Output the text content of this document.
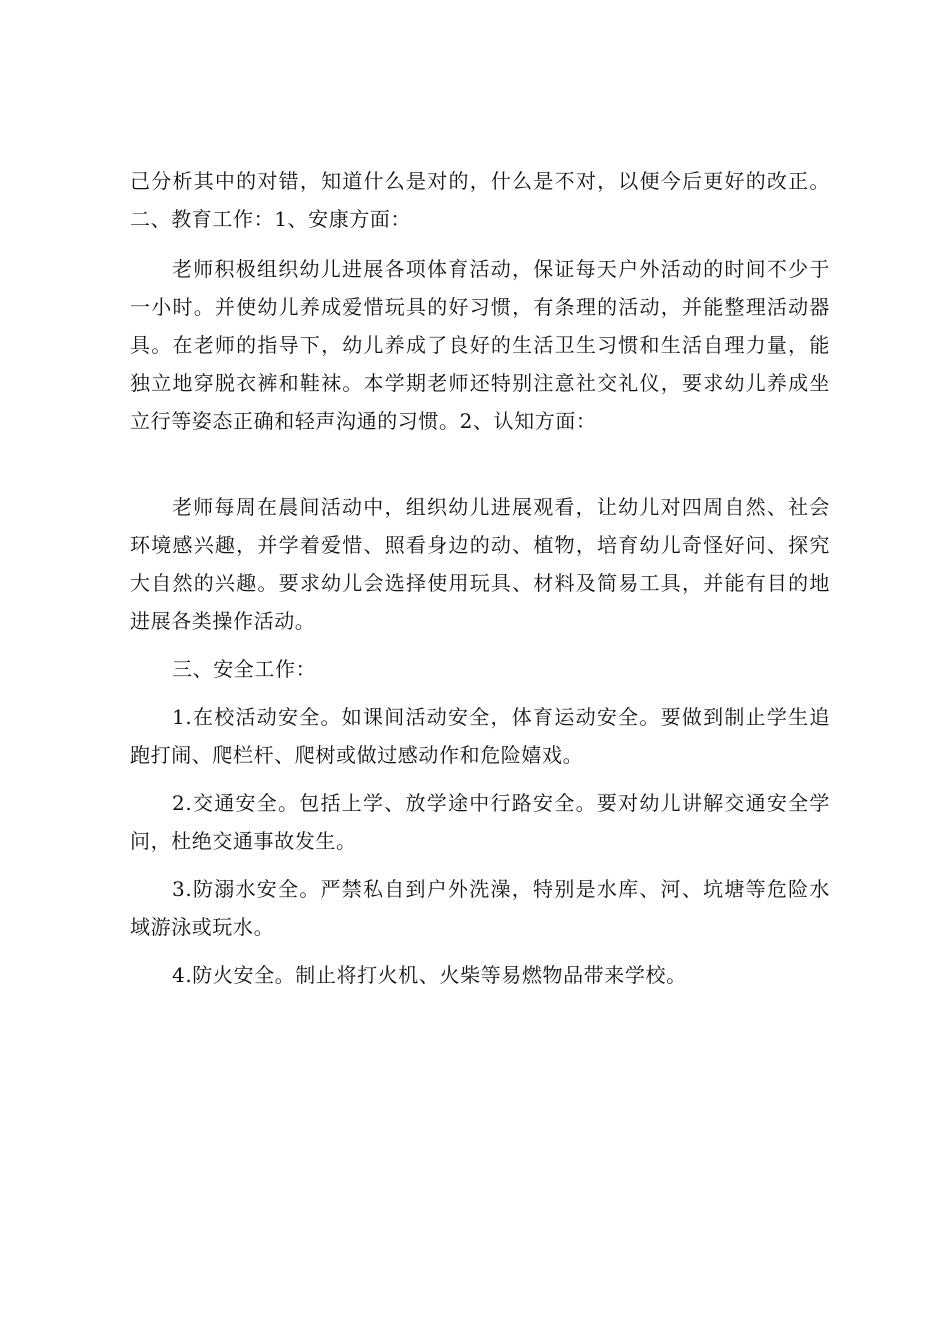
己分析其中的对错，知道什么是对的，什么是不对，以便今后更好的改正。二、教育工作：1、安康方面：

老师积极组织幼儿进展各项体育活动，保证每天户外活动的时间不少于一小时。并使幼儿养成爱惜玩具的好习惯，有条理的活动，并能整理活动器具。在老师的指导下，幼儿养成了良好的生活卫生习惯和生活自理力量，能独立地穿脱衣裤和鞋袜。本学期老师还特别注意社交礼仪，要求幼儿养成坐立行等姿态正确和轻声沟通的习惯。2、认知方面：

老师每周在晨间活动中，组织幼儿进展观看，让幼儿对四周自然、社会环境感兴趣，并学着爱惜、照看身边的动、植物，培育幼儿奇怪好问、探究大自然的兴趣。要求幼儿会选择使用玩具、材料及简易工具，并能有目的地进展各类操作活动。

三、安全工作：

1.在校活动安全。如课间活动安全，体育运动安全。要做到制止学生追跑打闹、爬栏杆、爬树或做过感动作和危险嬉戏。

2.交通安全。包括上学、放学途中行路安全。要对幼儿讲解交通安全学问，杜绝交通事故发生。

3.防溺水安全。严禁私自到户外洗澡，特别是水库、河、坑塘等危险水域游泳或玩水。

4.防火安全。制止将打火机、火柴等易燃物品带来学校。
